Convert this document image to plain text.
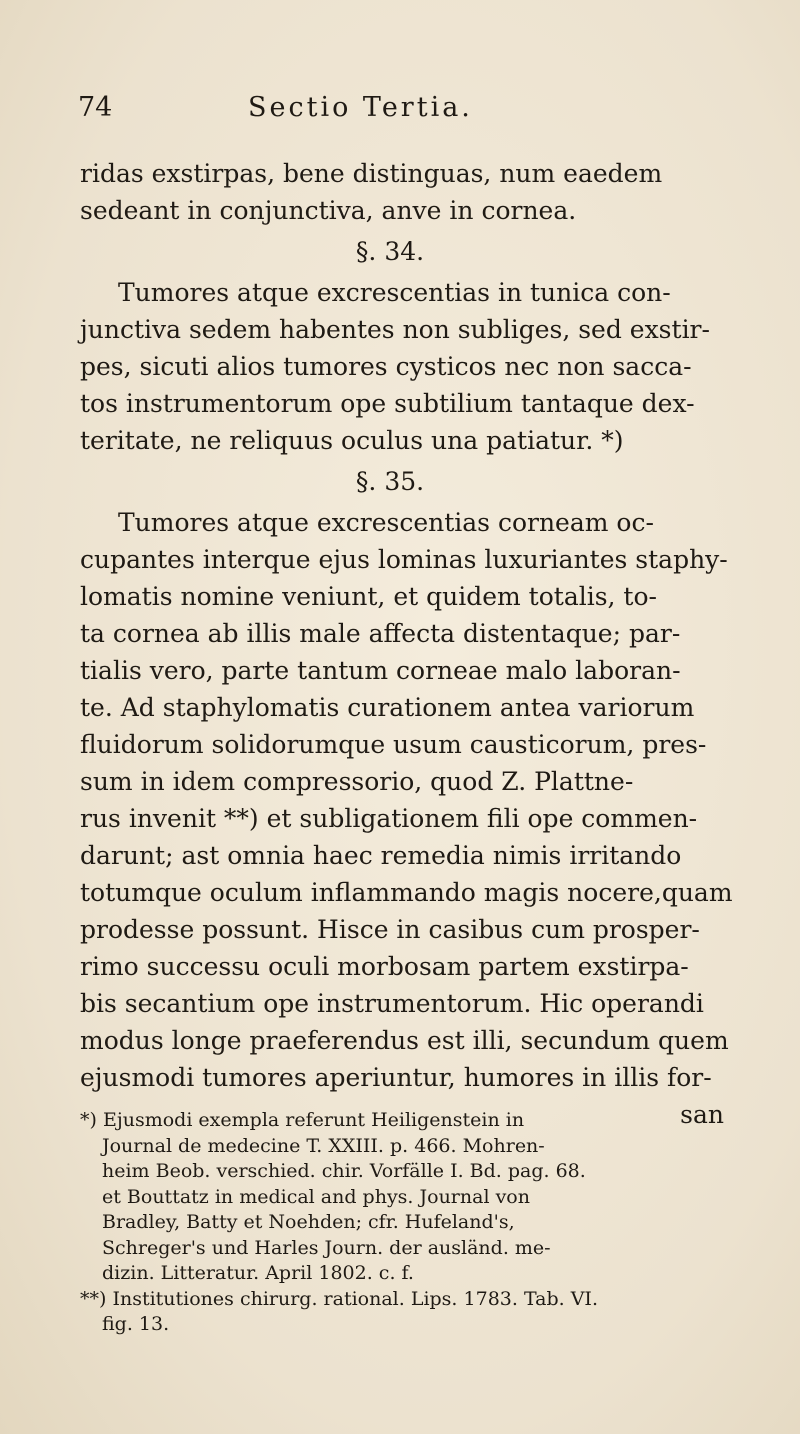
74	Sectio Tertia.
ridas exstirpas, bene distinguas, num eaedem
sedeant in conjunctiva, anve in cornea.
§. 34.
Tumores atque excrescentias in tunica con-
junctiva sedem habentes non subliges, sed exstir-
pes, sicuti alios tumores cysticos nec non sacca-
tos instrumentorum ope subtilium tantaque dex-
teritate, ne reliquus oculus una patiatur. *)
§. 35.
Tumores atque excrescentias corneam oc-
cupantes interque ejus lominas luxuriantes staphy-
lomatis nomine veniunt, et quidem totalis, to-
ta cornea ab illis male affecta distentaque; par-
tialis vero, parte tantum corneae malo laboran-
te. Ad staphylomatis curationem antea variorum
fluidorum solidorumque usum causticorum, pres-
sum in idem compressorio, quod Z. Plattne-
rus invenit **) et subligationem fili ope commen-
darunt; ast omnia haec remedia nimis irritando
totumque oculum inflammando magis nocere,quam
prodesse possunt. Hisce in casibus cum prosper-
rimo successu oculi morbosam partem exstirpa-
bis secantium ope instrumentorum. Hic operandi
modus longe praeferendus est illi, secundum quem
ejusmodi tumores aperiuntur, humores in illis for-
san
*) Ejusmodi exempla referunt Heiligenstein in
Journal de medecine T. XXIII. p. 466. Mohren-
heim Beob. verschied. chir. Vorfälle I. Bd. pag. 68.
et Bouttatz in medical and phys. Journal von
Bradley, Batty et Noehden; cfr. Hufeland's,
Schreger's und Harles Journ. der ausländ. me-
dizin. Litteratur. April 1802. c. f.
**) Institutiones chirurg. rational. Lips. 1783. Tab. VI.
fig. 13.
